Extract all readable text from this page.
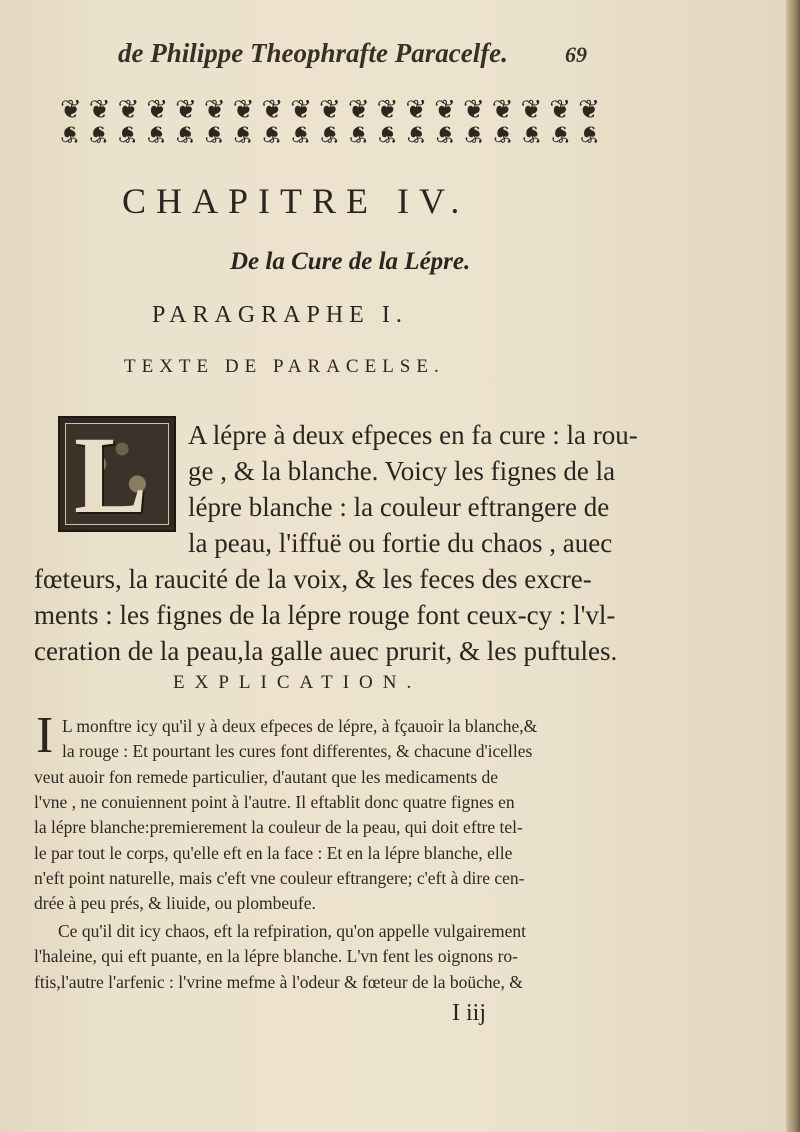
de Philippe Theophrafte Paracelfe.	69
❦ ❦ ❦ ❦ ❦ ❦ ❦ ❦ ❦ ❦ ❦ ❦ ❦ ❦ ❦ ❦ ❦ ❦ ❦
❦ ❦ ❦ ❦ ❦ ❦ ❦ ❦ ❦ ❦ ❦ ❦ ❦ ❦ ❦ ❦ ❦ ❦ ❦
CHAPITRE IV.
De la Cure de la Lépre.
PARAGRAPHE I.
TEXTE DE PARACELSE.
L A lépre à deux efpeces en fa cure : la rou-
ge , & la blanche. Voicy les fignes de la
lépre blanche : la couleur eftrangere de
la peau, l'iffuë ou fortie du chaos , auec
fœteurs, la raucité de la voix, & les feces des excre-
ments : les fignes de la lépre rouge font ceux-cy : l'vl-
ceration de la peau,la galle auec prurit, & les puftules.
EXPLICATION.
I L monftre icy qu'il y à deux efpeces de lépre, à fçauoir la blanche,&
la rouge : Et pourtant les cures font differentes, & chacune d'icelles
veut auoir fon remede particulier, d'autant que les medicaments de
l'vne , ne conuiennent point à l'autre. Il eftablit donc quatre fignes en
la lépre blanche:premierement la couleur de la peau, qui doit eftre tel-
le par tout le corps, qu'elle eft en la face : Et en la lépre blanche, elle
n'eft point naturelle, mais c'eft vne couleur eftrangere; c'eft à dire cen-
drée à peu prés, & liuide, ou plombeufe.
Ce qu'il dit icy chaos, eft la refpiration, qu'on appelle vulgairement
l'haleine, qui eft puante, en la lépre blanche. L'vn fent les oignons ro-
ftis,l'autre l'arfenic : l'vrine mefme à l'odeur & fœteur de la boüche, &
I iij
